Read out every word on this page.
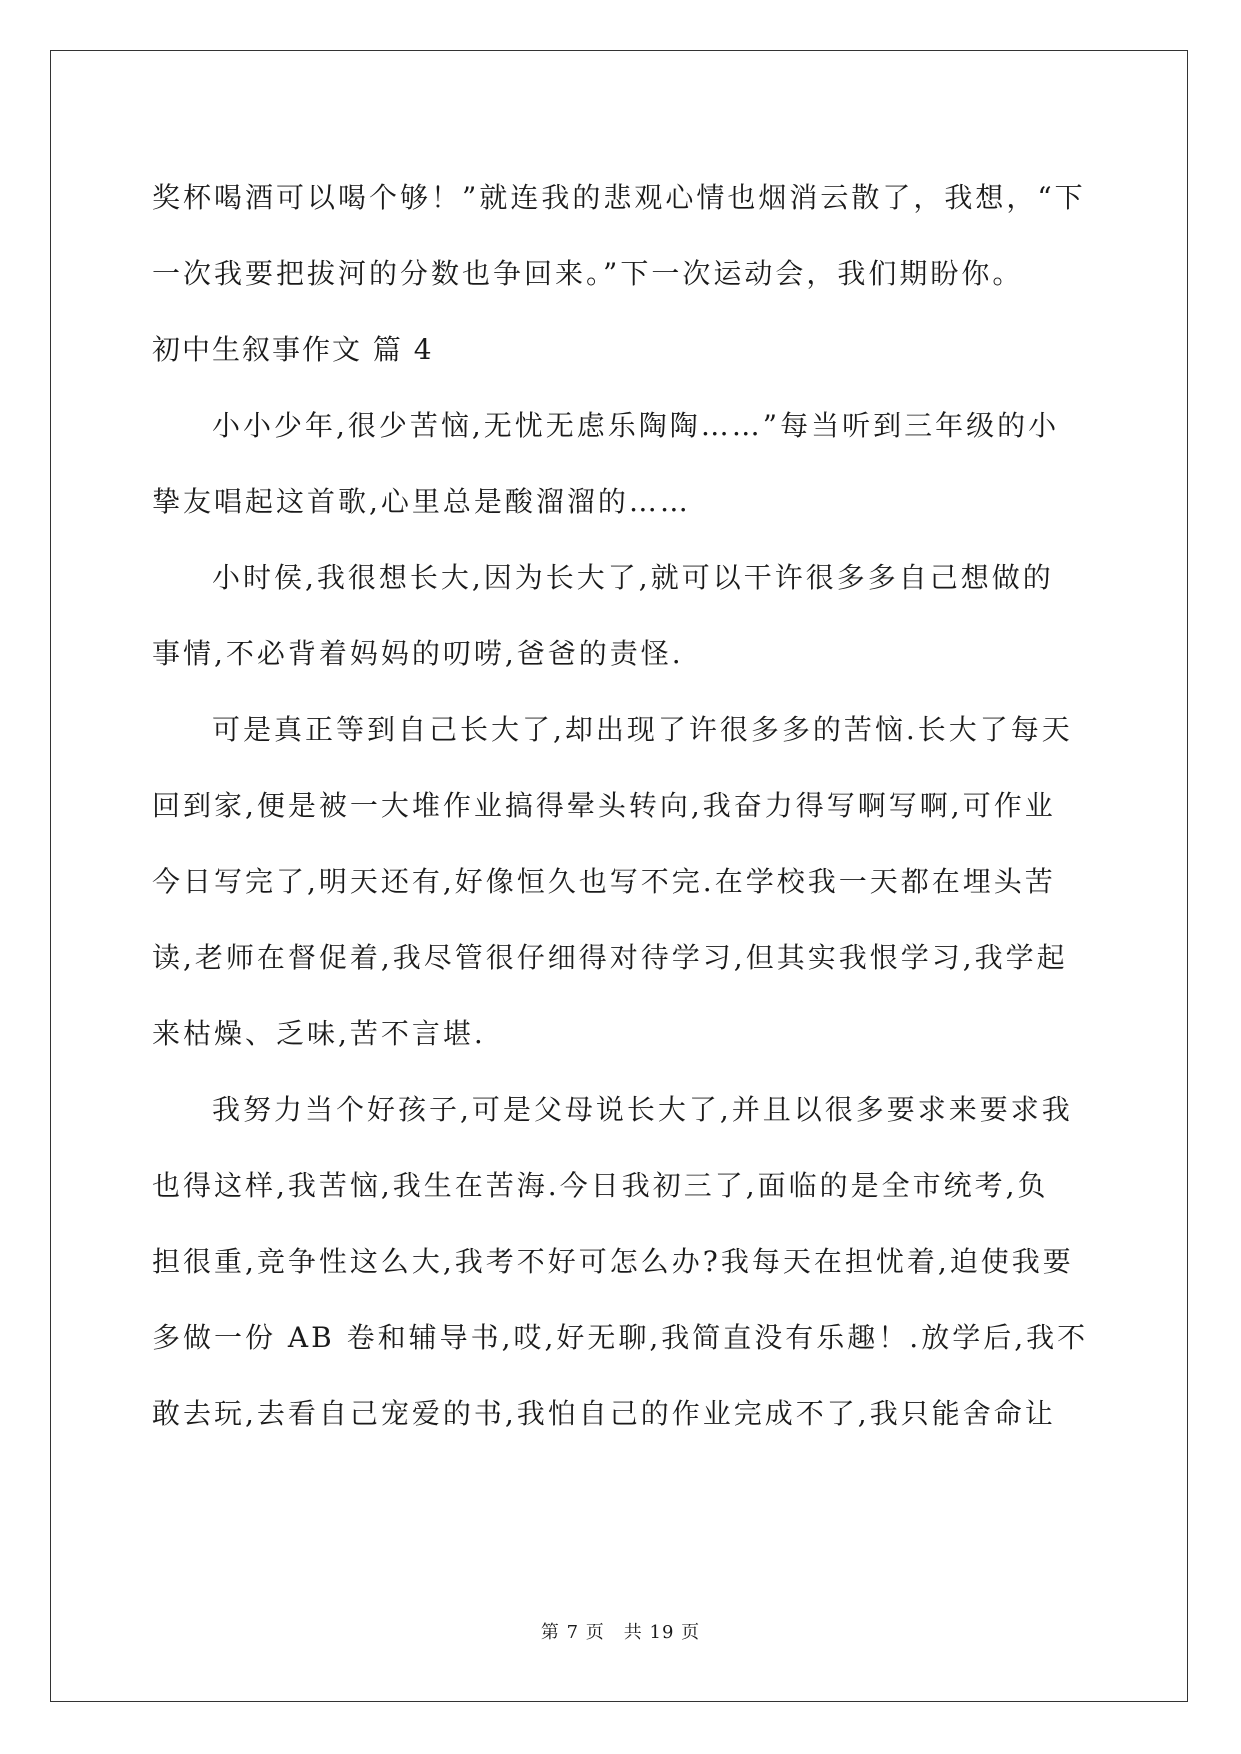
奖杯喝酒可以喝个够！”就连我的悲观心情也烟消云散了，我想，“下
一次我要把拔河的分数也争回来。”下一次运动会，我们期盼你。
初中生叙事作文 篇 4
小小少年,很少苦恼,无忧无虑乐陶陶……”每当听到三年级的小
挚友唱起这首歌,心里总是酸溜溜的……
小时侯,我很想长大,因为长大了,就可以干许很多多自己想做的
事情,不必背着妈妈的叨唠,爸爸的责怪.
可是真正等到自己长大了,却出现了许很多多的苦恼.长大了每天
回到家,便是被一大堆作业搞得晕头转向,我奋力得写啊写啊,可作业
今日写完了,明天还有,好像恒久也写不完.在学校我一天都在埋头苦
读,老师在督促着,我尽管很仔细得对待学习,但其实我恨学习,我学起
来枯燥、乏味,苦不言堪.
我努力当个好孩子,可是父母说长大了,并且以很多要求来要求我
也得这样,我苦恼,我生在苦海.今日我初三了,面临的是全市统考,负
担很重,竞争性这么大,我考不好可怎么办?我每天在担忧着,迫使我要
多做一份 AB 卷和辅导书,哎,好无聊,我简直没有乐趣！.放学后,我不
敢去玩,去看自己宠爱的书,我怕自己的作业完成不了,我只能舍命让
第 7 页　共 19 页
